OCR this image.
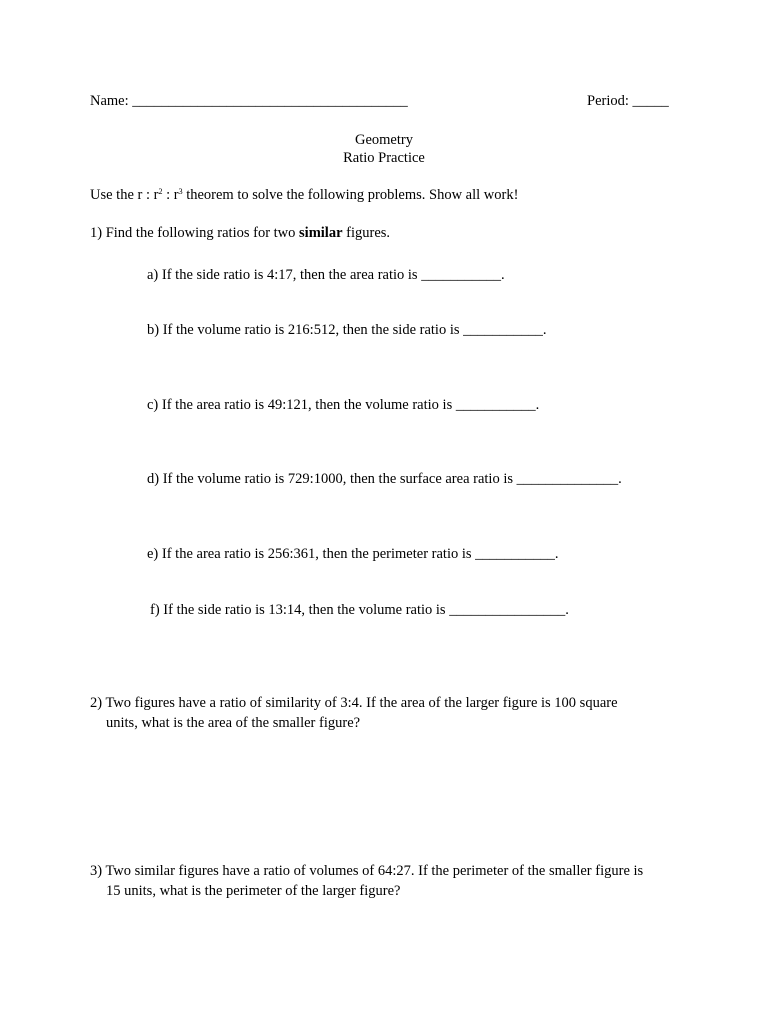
Name: ______________________________________	Period: _____
Geometry
Ratio Practice
Use the r : $r^2$ : $r^3$ theorem to solve the following problems. Show all work!
1) Find the following ratios for two similar figures.
a) If the side ratio is 4:17, then the area ratio is ___________.
b) If the volume ratio is 216:512, then the side ratio is ___________.
c) If the area ratio is 49:121, then the volume ratio is ___________.
d) If the volume ratio is 729:1000, then the surface area ratio is ______________.
e) If the area ratio is 256:361, then the perimeter ratio is ___________.
f) If the side ratio is 13:14, then the volume ratio is ________________.
2) Two figures have a ratio of similarity of 3:4. If the area of the larger figure is 100 square
units, what is the area of the smaller figure?
3) Two similar figures have a ratio of volumes of 64:27. If the perimeter of the smaller figure is
15 units, what is the perimeter of the larger figure?
